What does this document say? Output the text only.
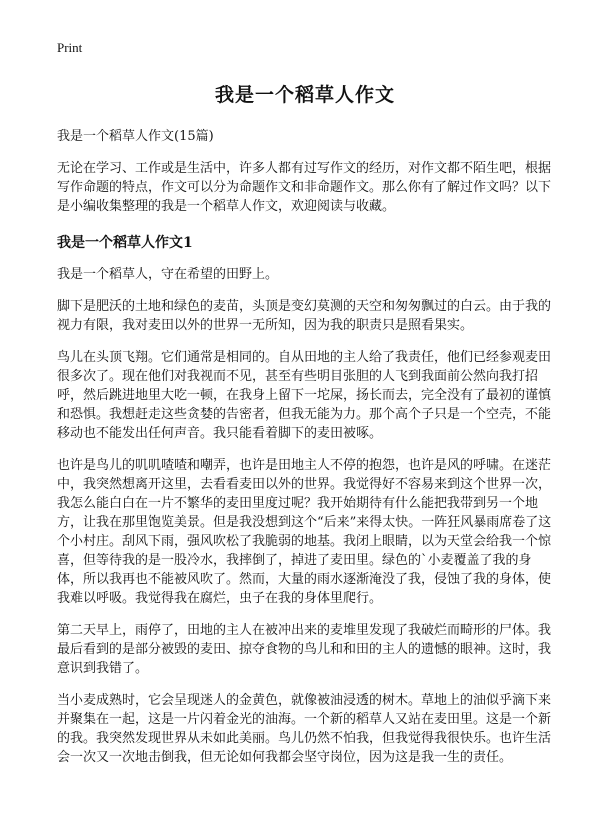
Print
我是一个稻草人作文

我是一个稻草人作文(15篇)

无论在学习、工作或是生活中，许多人都有过写作文的经历，对作文都不陌生吧，根据写作命题的特点，作文可以分为命题作文和非命题作文。那么你有了解过作文吗？以下是小编收集整理的我是一个稻草人作文，欢迎阅读与收藏。

我是一个稻草人作文1

我是一个稻草人，守在希望的田野上。

脚下是肥沃的土地和绿色的麦苗，头顶是变幻莫测的天空和匆匆飘过的白云。由于我的视力有限，我对麦田以外的世界一无所知，因为我的职责只是照看果实。

鸟儿在头顶飞翔。它们通常是相同的。自从田地的主人给了我责任，他们已经参观麦田很多次了。现在他们对我视而不见，甚至有些明目张胆的人飞到我面前公然向我打招呼，然后跳进地里大吃一顿，在我身上留下一坨屎，扬长而去，完全没有了最初的谨慎和恐惧。我想赶走这些贪婪的告密者，但我无能为力。那个高个子只是一个空壳，不能移动也不能发出任何声音。我只能看着脚下的麦田被啄。

也许是鸟儿的叽叽喳喳和嘲弄，也许是田地主人不停的抱怨，也许是风的呼啸。在迷茫中，我突然想离开这里，去看看麦田以外的世界。我觉得好不容易来到这个世界一次，我怎么能白白在一片不繁华的麦田里度过呢？我开始期待有什么能把我带到另一个地方，让我在那里饱览美景。但是我没想到这个“后来”来得太快。一阵狂风暴雨席卷了这个小村庄。刮风下雨，强风吹松了我脆弱的地基。我闭上眼睛，以为天堂会给我一个惊喜，但等待我的是一股冷水，我摔倒了，掉进了麦田里。绿色的`小麦覆盖了我的身体，所以我再也不能被风吹了。然而，大量的雨水逐渐淹没了我，侵蚀了我的身体，使我难以呼吸。我觉得我在腐烂，虫子在我的身体里爬行。

第二天早上，雨停了，田地的主人在被冲出来的麦堆里发现了我破烂而畸形的尸体。我最后看到的是部分被毁的麦田、掠夺食物的鸟儿和和田的主人的遗憾的眼神。这时，我意识到我错了。

当小麦成熟时，它会呈现迷人的金黄色，就像被油浸透的树木。草地上的油似乎滴下来并聚集在一起，这是一片闪着金光的油海。一个新的稻草人又站在麦田里。这是一个新的我。我突然发现世界从未如此美丽。鸟儿仍然不怕我，但我觉得我很快乐。也许生活会一次又一次地击倒我，但无论如何我都会坚守岗位，因为这是我一生的责任。
